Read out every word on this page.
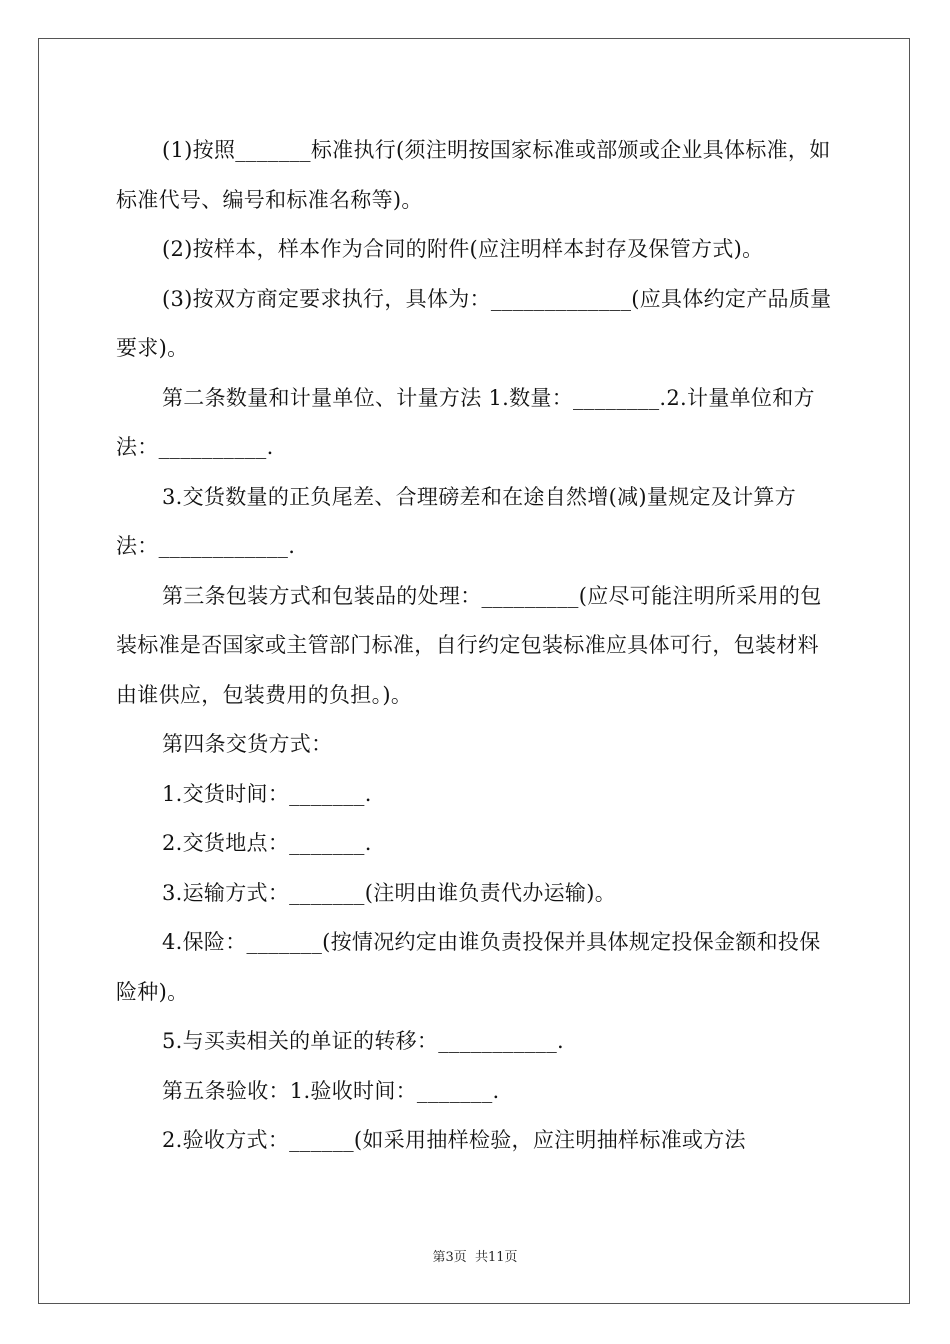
(1)按照_______标准执行(须注明按国家标准或部颁或企业具体标准，如标准代号、编号和标准名称等)。

(2)按样本，样本作为合同的附件(应注明样本封存及保管方式)。

(3)按双方商定要求执行，具体为：_____________(应具体约定产品质量要求)。

第二条数量和计量单位、计量方法 1.数量：________.2.计量单位和方法：__________.

3.交货数量的正负尾差、合理磅差和在途自然增(减)量规定及计算方法：____________.

第三条包装方式和包装品的处理：_________(应尽可能注明所采用的包装标准是否国家或主管部门标准，自行约定包装标准应具体可行，包装材料由谁供应，包装费用的负担。)。

第四条交货方式：

1.交货时间：_______.

2.交货地点：_______.

3.运输方式：_______(注明由谁负责代办运输)。

4.保险：_______(按情况约定由谁负责投保并具体规定投保金额和投保险种)。

5.与买卖相关的单证的转移：___________.

第五条验收：1.验收时间：_______.

2.验收方式：______(如采用抽样检验，应注明抽样标准或方法

第3页 共11页
